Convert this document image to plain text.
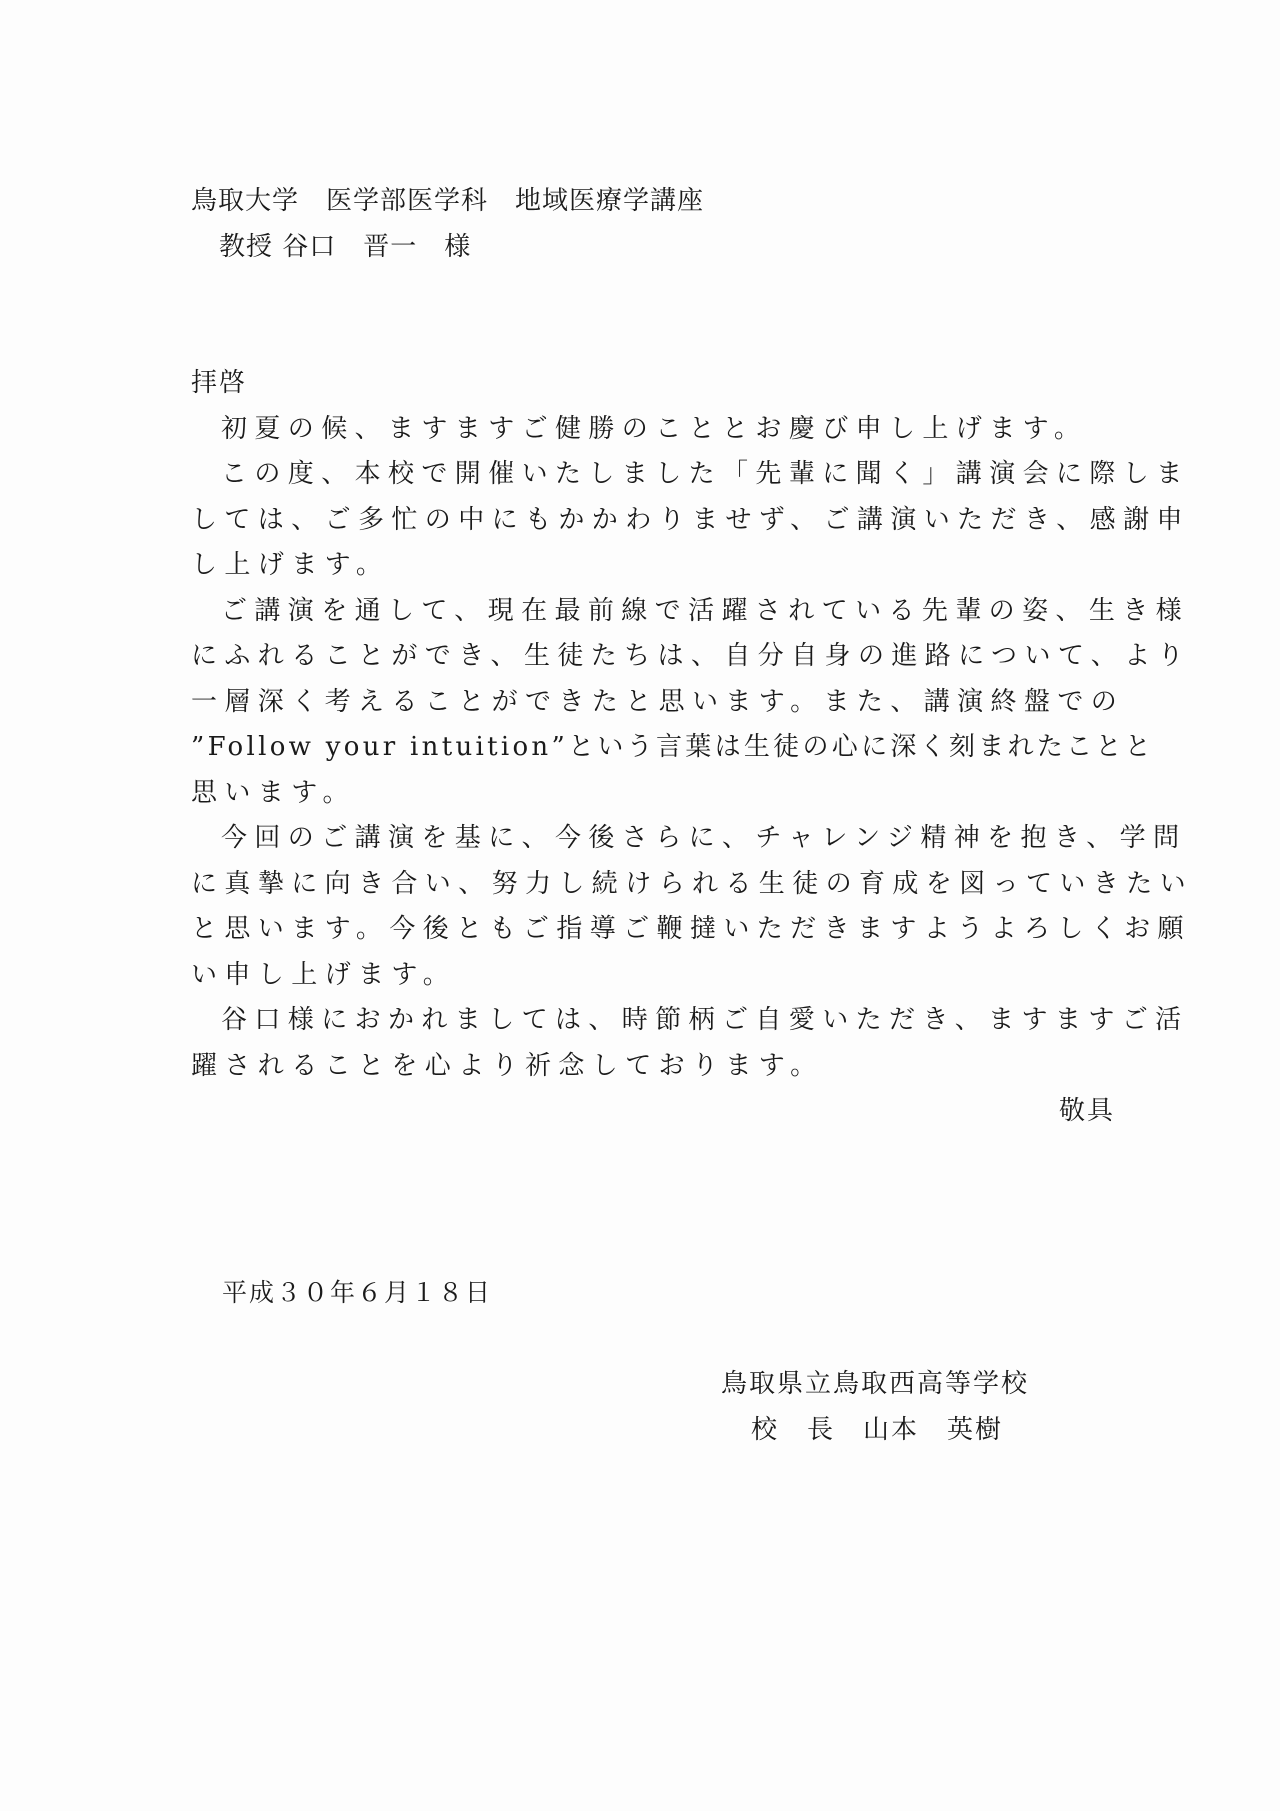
鳥取大学　医学部医学科　地域医療学講座
教授 谷口　晋一　様
拝啓
初夏の候、ますますご健勝のこととお慶び申し上げます。
この度、本校で開催いたしました「先輩に聞く」講演会に際しま
しては、ご多忙の中にもかかわりませず、ご講演いただき、感謝申
し上げます。
ご講演を通して、現在最前線で活躍されている先輩の姿、生き様
にふれることができ、生徒たちは、自分自身の進路について、より
一層深く考えることができたと思います。また、講演終盤での
”Follow your intuition”という言葉は生徒の心に深く刻まれたことと
思います。
今回のご講演を基に、今後さらに、チャレンジ精神を抱き、学問
に真摯に向き合い、努力し続けられる生徒の育成を図っていきたい
と思います。今後ともご指導ご鞭撻いただきますようよろしくお願
い申し上げます。
谷口様におかれましては、時節柄ご自愛いただき、ますますご活
躍されることを心より祈念しております。
敬具
平成３０年６月１８日
鳥取県立鳥取西高等学校
校　長　山本　英樹
